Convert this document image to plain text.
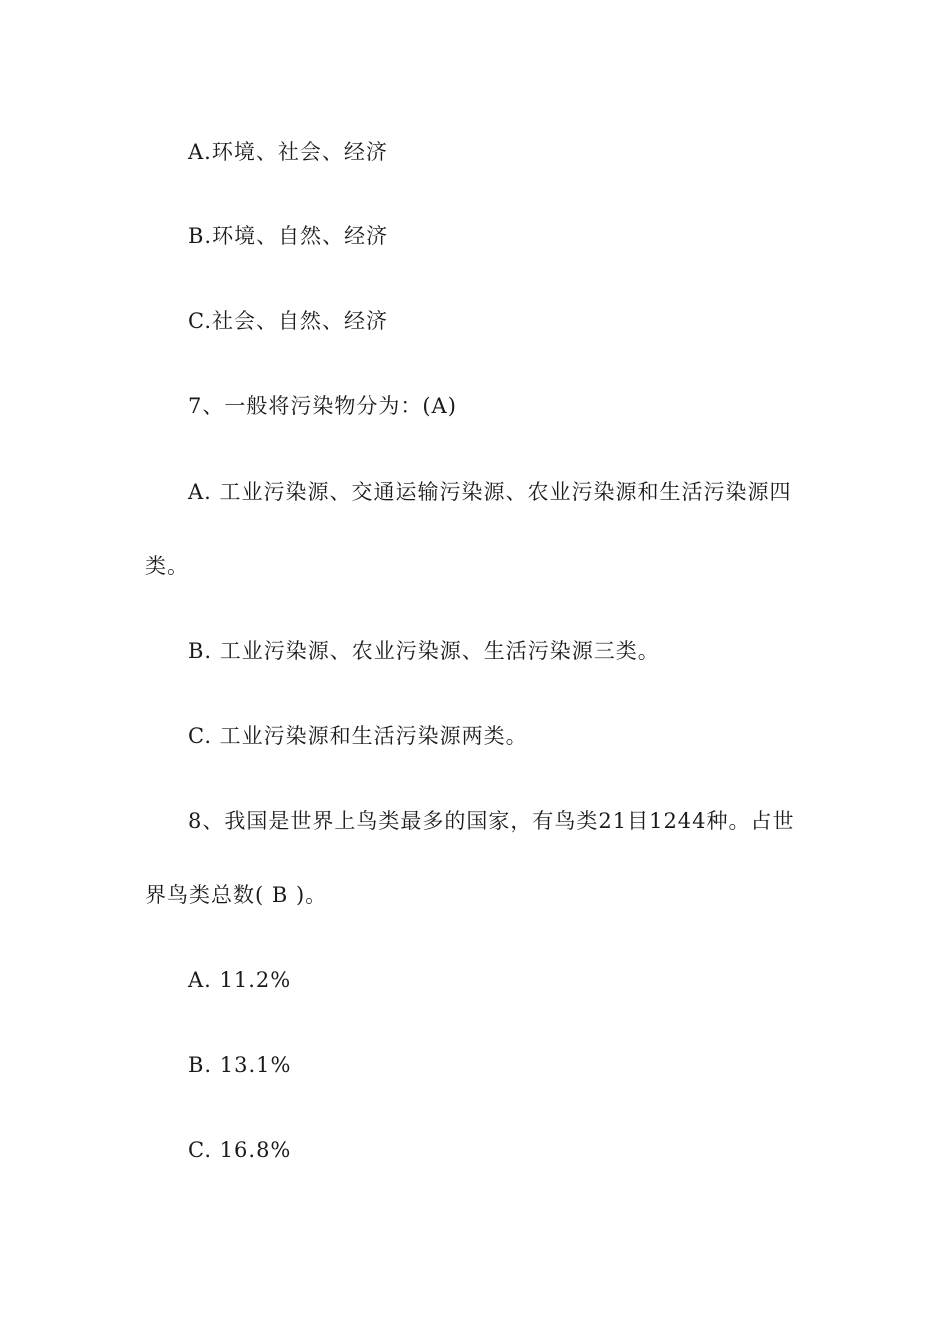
A.环境、社会、经济
B.环境、自然、经济
C.社会、自然、经济
7、一般将污染物分为：(A)
A. 工业污染源、交通运输污染源、农业污染源和生活污染源四
类。
B. 工业污染源、农业污染源、生活污染源三类。
C. 工业污染源和生活污染源两类。
8、我国是世界上鸟类最多的国家，有鸟类21目1244种。占世
界鸟类总数( B )。
A. 11.2%
B. 13.1%
C. 16.8%
